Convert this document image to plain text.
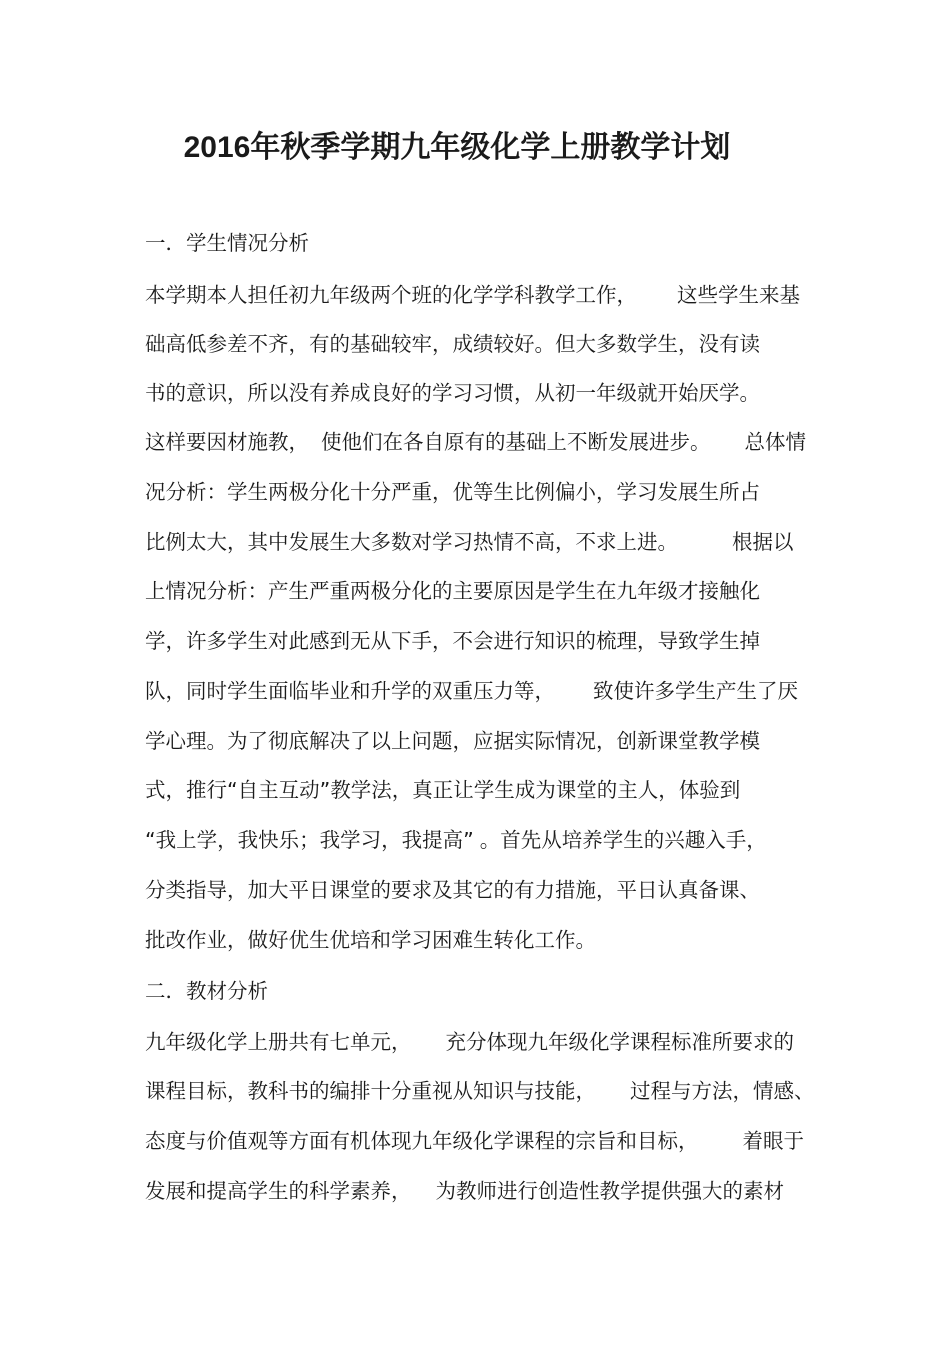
2016年秋季学期九年级化学上册教学计划

一．学生情况分析

本学期本人担任初九年级两个班的化学学科教学工作， 这些学生来基

础高低参差不齐，有的基础较牢，成绩较好。但大多数学生，没有读

书的意识，所以没有养成良好的学习习惯，从初一年级就开始厌学。

这样要因材施教， 使他们在各自原有的基础上不断发展进步。 总体情

况分析：学生两极分化十分严重，优等生比例偏小，学习发展生所占

比例太大，其中发展生大多数对学习热情不高，不求上进。	根据以

上情况分析：产生严重两极分化的主要原因是学生在九年级才接触化

学，许多学生对此感到无从下手，不会进行知识的梳理，导致学生掉

队，同时学生面临毕业和升学的双重压力等， 致使许多学生产生了厌

学心理。为了彻底解决了以上问题，应据实际情况，创新课堂教学模

式，推行“自主互动”教学法，真正让学生成为课堂的主人，体验到

“我上学，我快乐；我学习，我提高” 。首先从培养学生的兴趣入手，

分类指导，加大平日课堂的要求及其它的有力措施，平日认真备课、

批改作业，做好优生优培和学习困难生转化工作。

二．教材分析

九年级化学上册共有七单元， 充分体现九年级化学课程标准所要求的

课程目标，教科书的编排十分重视从知识与技能， 过程与方法，情感、

态度与价值观等方面有机体现九年级化学课程的宗旨和目标， 着眼于

发展和提高学生的科学素养， 为教师进行创造性教学提供强大的素材
